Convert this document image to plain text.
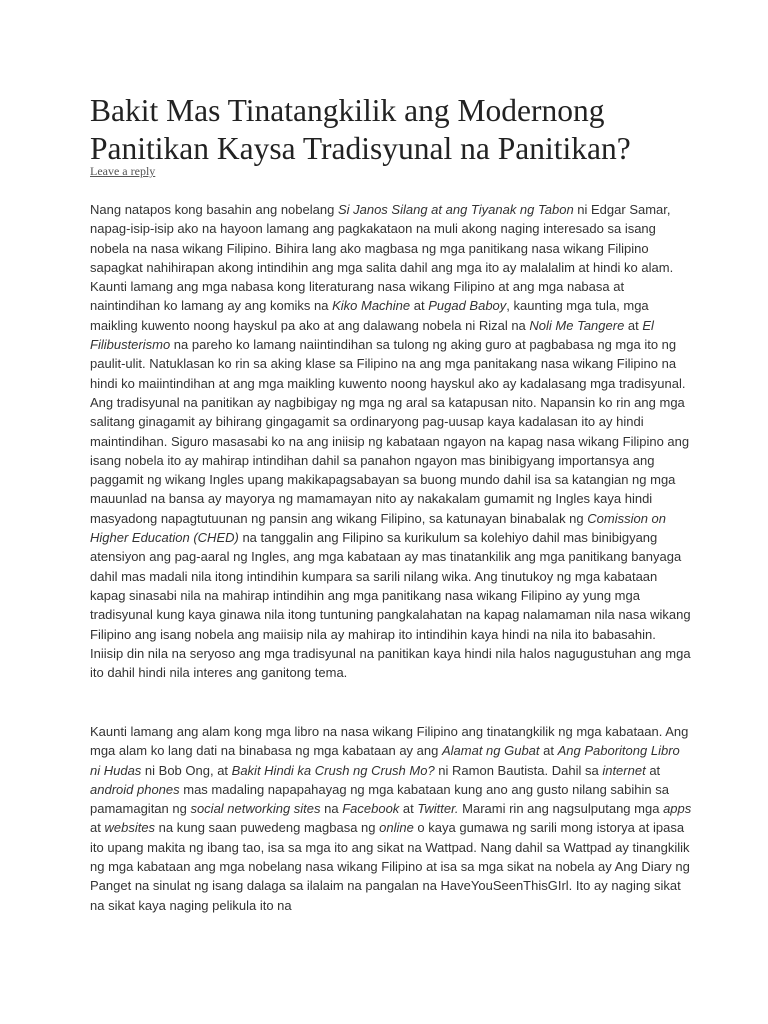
Bakit Mas Tinatangkilik ang Modernong Panitikan Kaysa Tradisyunal na Panitikan?
Leave a reply

Nang natapos kong basahin ang nobelang Si Janos Silang at ang Tiyanak ng Tabon ni Edgar Samar, napag-isip-isip ako na hayoon lamang ang pagkakataon na muli akong naging interesado sa isang nobela na nasa wikang Filipino. Bihira lang ako magbasa ng mga panitikang nasa wikang Filipino sapagkat nahihirapan akong intindihin ang mga salita dahil ang mga ito ay malalalim at hindi ko alam. Kaunti lamang ang mga nabasa kong literaturang nasa wikang Filipino at ang mga nabasa at naintindihan ko lamang ay ang komiks na Kiko Machine at Pugad Baboy, kaunting mga tula, mga maikling kuwento noong hayskul pa ako at ang dalawang nobela ni Rizal na Noli Me Tangere at El Filibusterismo na pareho ko lamang naiintindihan sa tulong ng aking guro at pagbabasa ng mga ito ng paulit-ulit. Natuklasan ko rin sa aking klase sa Filipino na ang mga panitakang nasa wikang Filipino na hindi ko maiintindihan at ang mga maikling kuwento noong hayskul ako ay kadalasang mga tradisyunal. Ang tradisyunal na panitikan ay nagbibigay ng mga ng aral sa katapusan nito. Napansin ko rin ang mga salitang ginagamit ay bihirang gingagamit sa ordinaryong pag-uusap kaya kadalasan ito ay hindi maintindihan. Siguro masasabi ko na ang iniisip ng kabataan ngayon na kapag nasa wikang Filipino ang isang nobela ito ay mahirap intindihan dahil sa panahon ngayon mas binibigyang importansya ang paggamit ng wikang Ingles upang makikapagsabayan sa buong mundo dahil isa sa katangian ng mga mauunlad na bansa ay mayorya ng mamamayan nito ay nakakalam gumamit ng Ingles kaya hindi masyadong napagtutuunan ng pansin ang wikang Filipino, sa katunayan binabalak ng Comission on Higher Education (CHED) na tanggalin ang Filipino sa kurikulum sa kolehiyo dahil mas binibigyang atensiyon ang pag-aaral ng Ingles, ang mga kabataan ay mas tinatankilik ang mga panitikang banyaga dahil mas madali nila itong intindihin kumpara sa sarili nilang wika. Ang tinutukoy ng mga kabataan kapag sinasabi nila na mahirap intindihin ang mga panitikang nasa wikang Filipino ay yung mga tradisyunal kung kaya ginawa nila itong tuntuning pangkalahatan na kapag nalamaman nila nasa wikang Filipino ang isang nobela ang maiisip nila ay mahirap ito intindihin kaya hindi na nila ito babasahin. Iniisip din nila na seryoso ang mga tradisyunal na panitikan kaya hindi nila halos nagugustuhan ang mga ito dahil hindi nila interes ang ganitong tema.

Kaunti lamang ang alam kong mga libro na nasa wikang Filipino ang tinatangkilik ng mga kabataan. Ang mga alam ko lang dati na binabasa ng mga kabataan ay ang Alamat ng Gubat at Ang Paboritong Libro ni Hudas ni Bob Ong, at Bakit Hindi ka Crush ng Crush Mo? ni Ramon Bautista. Dahil sa internet at android phones mas madaling napapahayag ng mga kabataan kung ano ang gusto nilang sabihin sa pamamagitan ng social networking sites na Facebook at Twitter. Marami rin ang nagsulputang mga apps at websites na kung saan puwedeng magbasa ng online o kaya gumawa ng sarili mong istorya at ipasa ito upang makita ng ibang tao, isa sa mga ito ang sikat na Wattpad. Nang dahil sa Wattpad ay tinangkilik ng mga kabataan ang mga nobelang nasa wikang Filipino at isa sa mga sikat na nobela ay Ang Diary ng Panget na sinulat ng isang dalaga sa ilalaim na pangalan na HaveYouSeenThisGIrl. Ito ay naging sikat na sikat kaya naging pelikula ito na
